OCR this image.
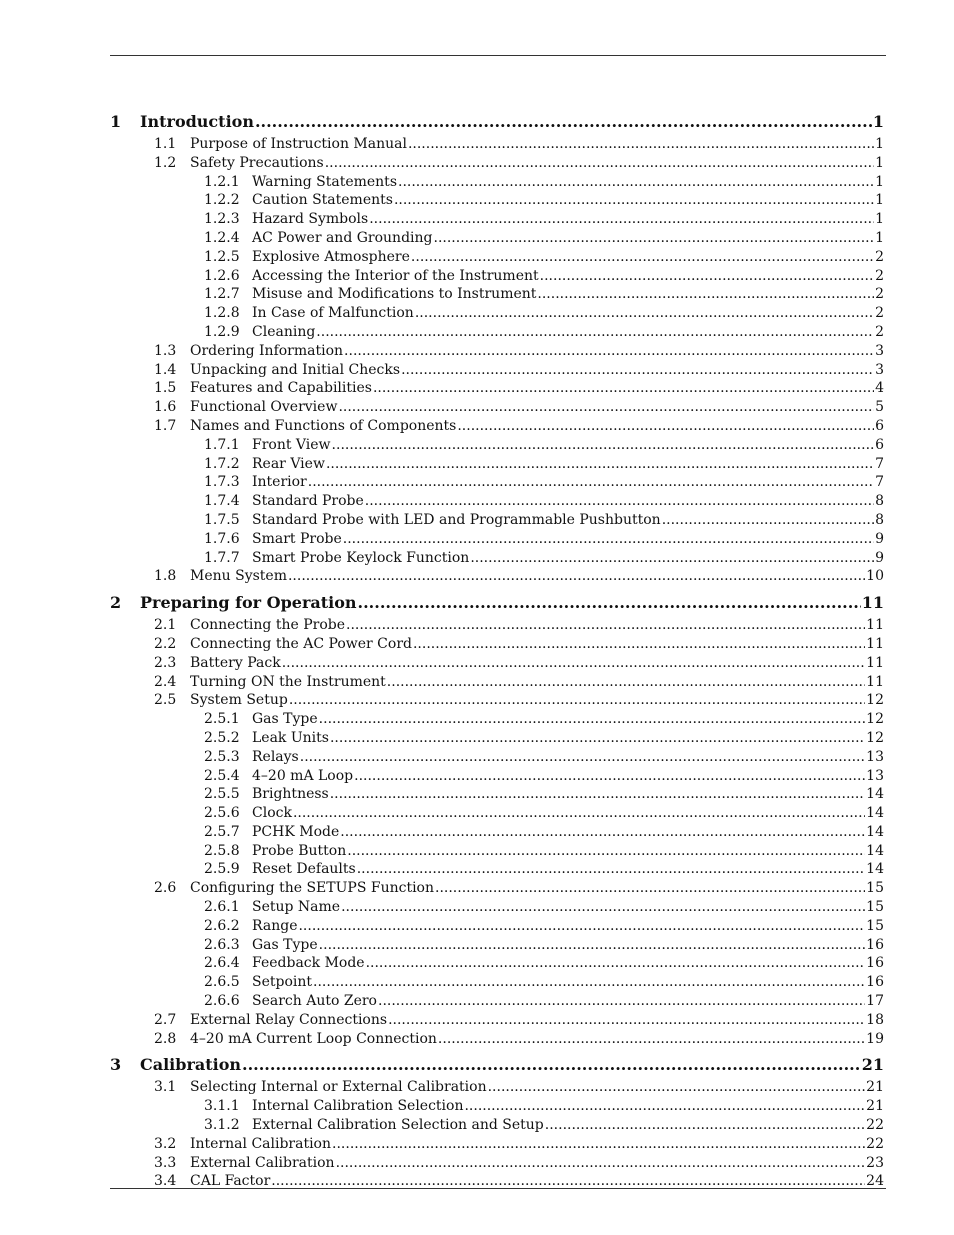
1	Introduction .....	1
1.1 Purpose of Instruction Manual .....	1
1.2 Safety Precautions .....	1
1.2.1 Warning Statements .....	1
1.2.2 Caution Statements .....	1
1.2.3 Hazard Symbols .....	1
1.2.4 AC Power and Grounding .....	1
1.2.5 Explosive Atmosphere .....	2
1.2.6 Accessing the Interior of the Instrument .....	2
1.2.7 Misuse and Modifications to Instrument .....	2
1.2.8 In Case of Malfunction .....	2
1.2.9 Cleaning .....	2
1.3 Ordering Information .....	3
1.4 Unpacking and Initial Checks .....	3
1.5 Features and Capabilities .....	4
1.6 Functional Overview .....	5
1.7 Names and Functions of Components .....	6
1.7.1 Front View .....	6
1.7.2 Rear View .....	7
1.7.3 Interior .....	7
1.7.4 Standard Probe .....	8
1.7.5 Standard Probe with LED and Programmable Pushbutton .....	8
1.7.6 Smart Probe .....	9
1.7.7 Smart Probe Keylock Function .....	9
1.8 Menu System .....	10
2	Preparing for Operation .....	11
2.1 Connecting the Probe .....	11
2.2 Connecting the AC Power Cord .....	11
2.3 Battery Pack .....	11
2.4 Turning ON the Instrument .....	11
2.5 System Setup .....	12
2.5.1 Gas Type .....	12
2.5.2 Leak Units .....	12
2.5.3 Relays .....	13
2.5.4 4–20 mA Loop .....	13
2.5.5 Brightness .....	14
2.5.6 Clock .....	14
2.5.7 PCHK Mode .....	14
2.5.8 Probe Button .....	14
2.5.9 Reset Defaults .....	14
2.6 Configuring the SETUPS Function .....	15
2.6.1 Setup Name .....	15
2.6.2 Range .....	15
2.6.3 Gas Type .....	16
2.6.4 Feedback Mode .....	16
2.6.5 Setpoint .....	16
2.6.6 Search Auto Zero .....	17
2.7 External Relay Connections .....	18
2.8 4–20 mA Current Loop Connection .....	19
3	Calibration .....	21
3.1 Selecting Internal or External Calibration .....	21
3.1.1 Internal Calibration Selection .....	21
3.1.2 External Calibration Selection and Setup .....	22
3.2 Internal Calibration .....	22
3.3 External Calibration .....	23
3.4 CAL Factor .....	24
